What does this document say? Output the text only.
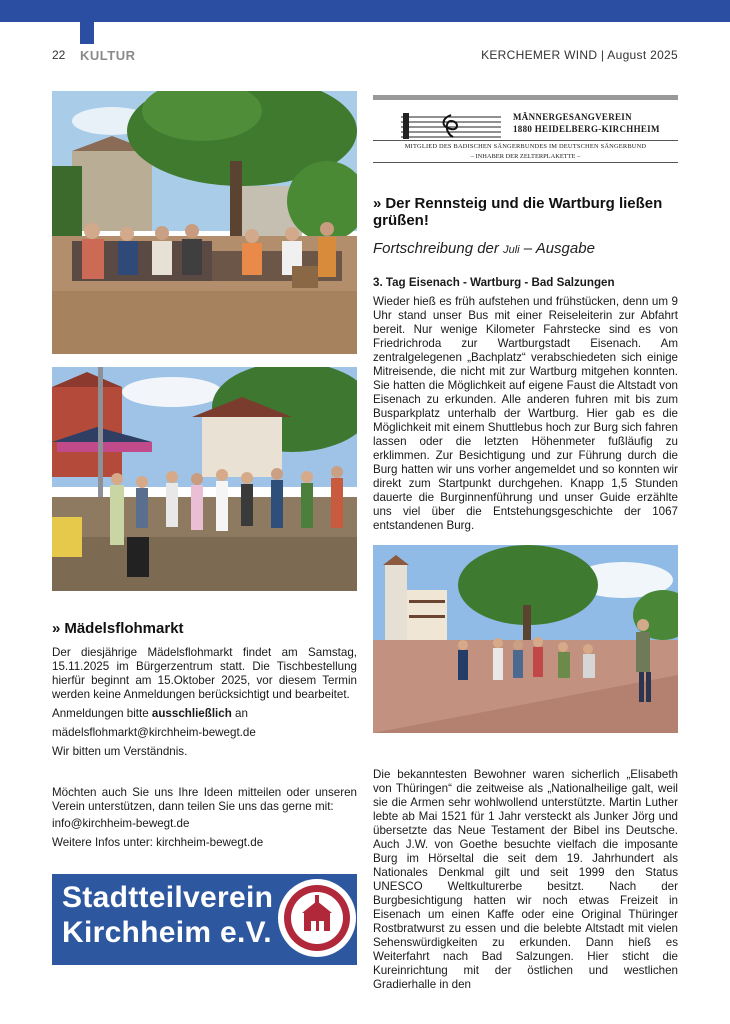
22 KULTUR	KERCHEMER WIND | August 2025
» Mädelsflohmarkt

Der diesjährige Mädelsflohmarkt findet am Samstag, 15.11.2025 im Bürgerzentrum statt. Die Tischbestellung hierfür beginnt am 15.Oktober 2025, vor diesem Termin werden keine Anmeldungen berücksichtigt und bearbeitet.

Anmeldungen bitte ausschließlich an
mädelsflohmarkt@kirchheim-bewegt.de
Wir bitten um Verständnis.

Möchten auch Sie uns Ihre Ideen mitteilen oder unseren Verein unterstützen, dann teilen Sie uns das gerne mit:

info@kirchheim-bewegt.de
Weitere Infos unter: kirchheim-bewegt.de
Stadtteilverein
Kirchheim e.V.
MÄNNERGESANGVEREIN
1880 HEIDELBERG-KIRCHHEIM
MITGLIED DES BADISCHEN SÄNGERBUNDES IM DEUTSCHEN SÄNGERBUND
– INHABER DER ZELTERPLAKETTE –
» Der Rennsteig und die Wartburg ließen grüßen!
Fortschreibung der Juli – Ausgabe
3. Tag Eisenach - Wartburg - Bad Salzungen

Wieder hieß es früh aufstehen und frühstücken, denn um 9 Uhr stand unser Bus mit einer Reiseleiterin zur Abfahrt bereit. Nur wenige Kilometer Fahrstecke sind es von Friedrichroda zur Wartburgstadt Eisenach. Am zentralgelegenen „Bachplatz“ verabschiedeten sich einige Mitreisende, die nicht mit zur Wartburg mitgehen konnten. Sie hatten die Möglichkeit auf eigene Faust die Altstadt von Eisenach zu erkunden. Alle anderen fuhren mit bis zum Busparkplatz unterhalb der Wartburg. Hier gab es die Möglichkeit mit einem Shuttlebus hoch zur Burg sich fahren lassen oder die letzten Höhenmeter fußläufig zu erklimmen. Zur Besichtigung und zur Führung durch die Burg hatten wir uns vorher angemeldet und so konnten wir direkt zum Startpunkt durchgehen. Knapp 1,5 Stunden dauerte die Burginnenführung und unser Guide erzählte uns viel über die Entstehungsgeschichte der 1067 entstandenen Burg.

Die bekanntesten Bewohner waren sicherlich „Elisabeth von Thüringen“ die zeitweise als „Nationalheilige galt, weil sie die Armen sehr wohlwollend unterstützte. Martin Luther lebte ab Mai 1521 für 1 Jahr versteckt als Junker Jörg und übersetzte das Neue Testament der Bibel ins Deutsche. Auch J.W. von Goethe besuchte vielfach die imposante Burg im Hörseltal die seit dem 19. Jahrhundert als Nationales Denkmal gilt und seit 1999 den Status UNESCO Weltkulturerbe besitzt. Nach der Burgbesichtigung hatten wir noch etwas Freizeit in Eisenach um einen Kaffe oder eine Original Thüringer Rostbratwurst zu essen und die belebte Altstadt mit vielen Sehenswürdigkeiten zu erkunden. Dann hieß es Weiterfahrt nach Bad Salzungen. Hier sticht die Kureinrichtung mit der östlichen und westlichen Gradierhalle in den
